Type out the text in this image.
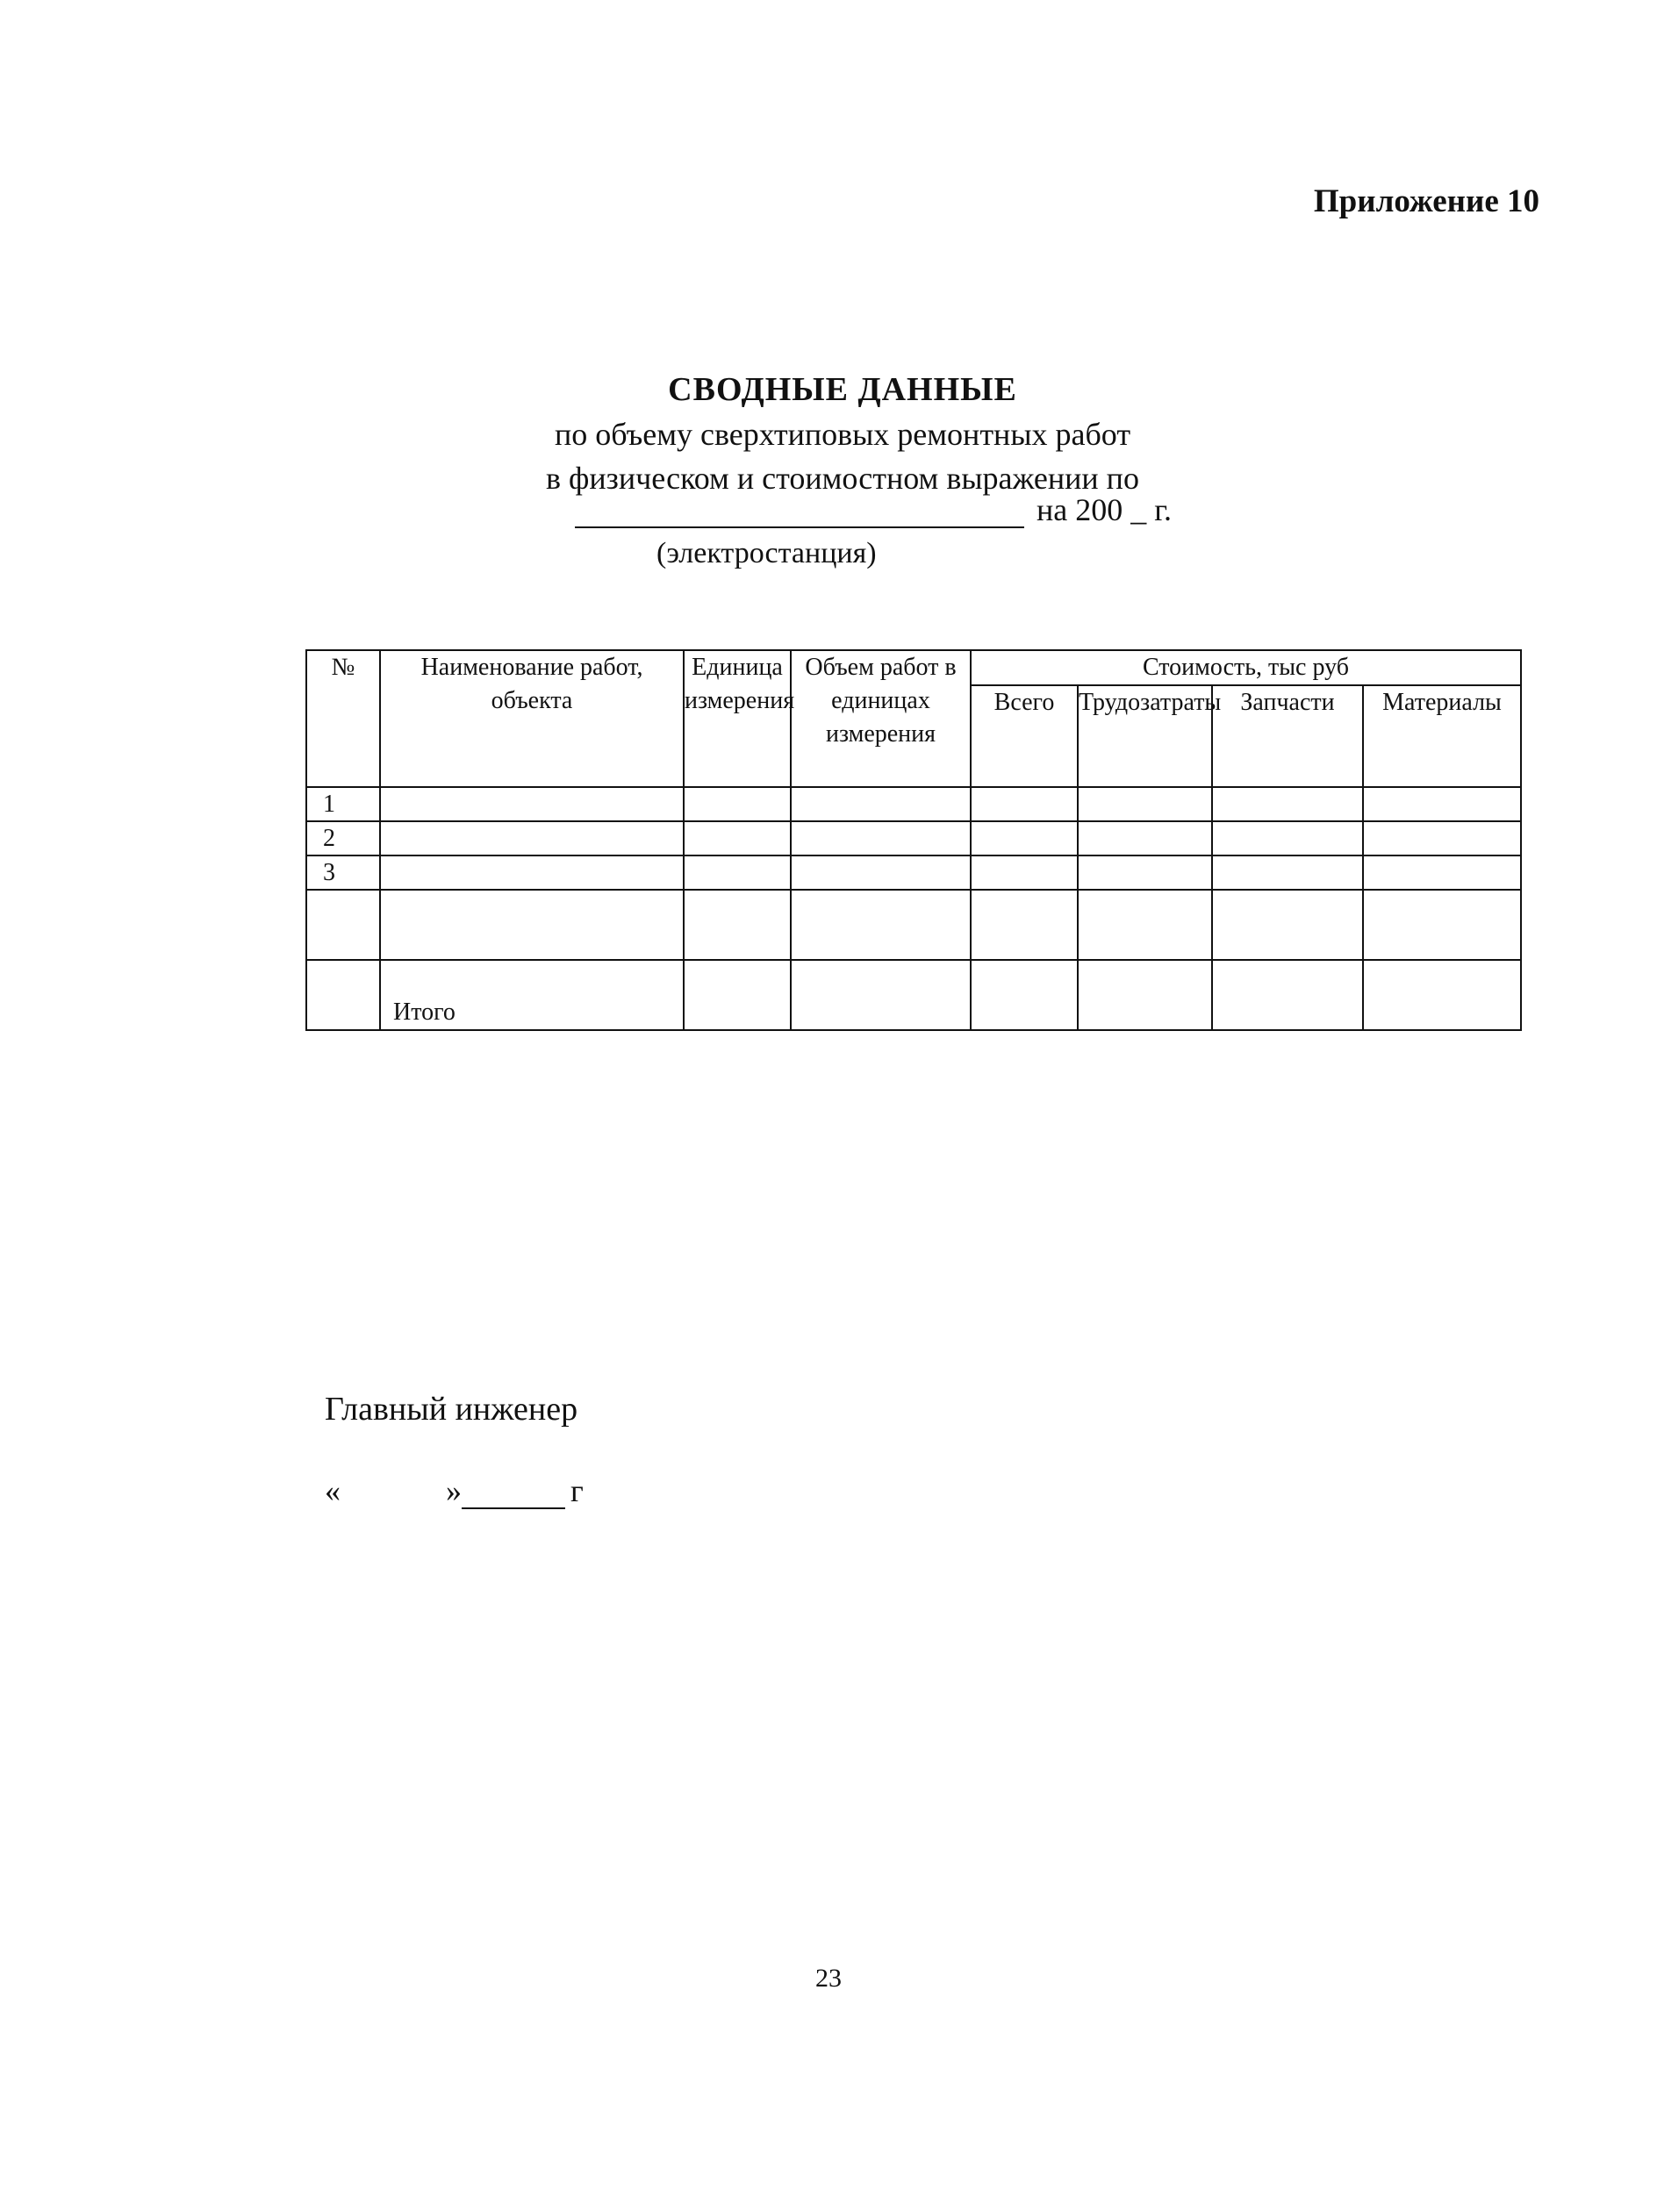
Приложение 10
СВОДНЫЕ ДАННЫЕ
по объему сверхтиповых ремонтных работ
в физическом и стоимостном выражении по
на 200 _ г.
(электростанция)
№	Наименование работ, объекта	Единица измерения	Объем работ в единицах измерения	Стоимость, тыс руб			
				Всего	Трудозатраты	Запчасти	Материалы
1							
2							
3							

	Итого						
Главный инженер
«	»	г
23
